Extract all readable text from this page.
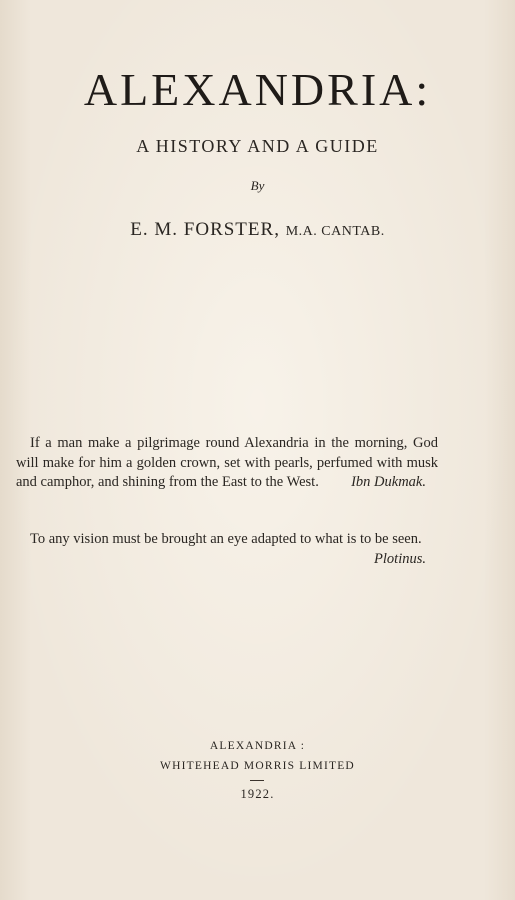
ALEXANDRIA:
A HISTORY AND A GUIDE
By
E. M. FORSTER, M.A. CANTAB.
If a man make a pilgrimage round Alexandria in the morning, God will make for him a golden crown, set with pearls, perfumed with musk and camphor, and shining from the East to the West.	Ibn Dukmak.
To any vision must be brought an eye adapted to what is to be seen.
Plotinus.
ALEXANDRIA :
WHITEHEAD MORRIS LIMITED
1922.
